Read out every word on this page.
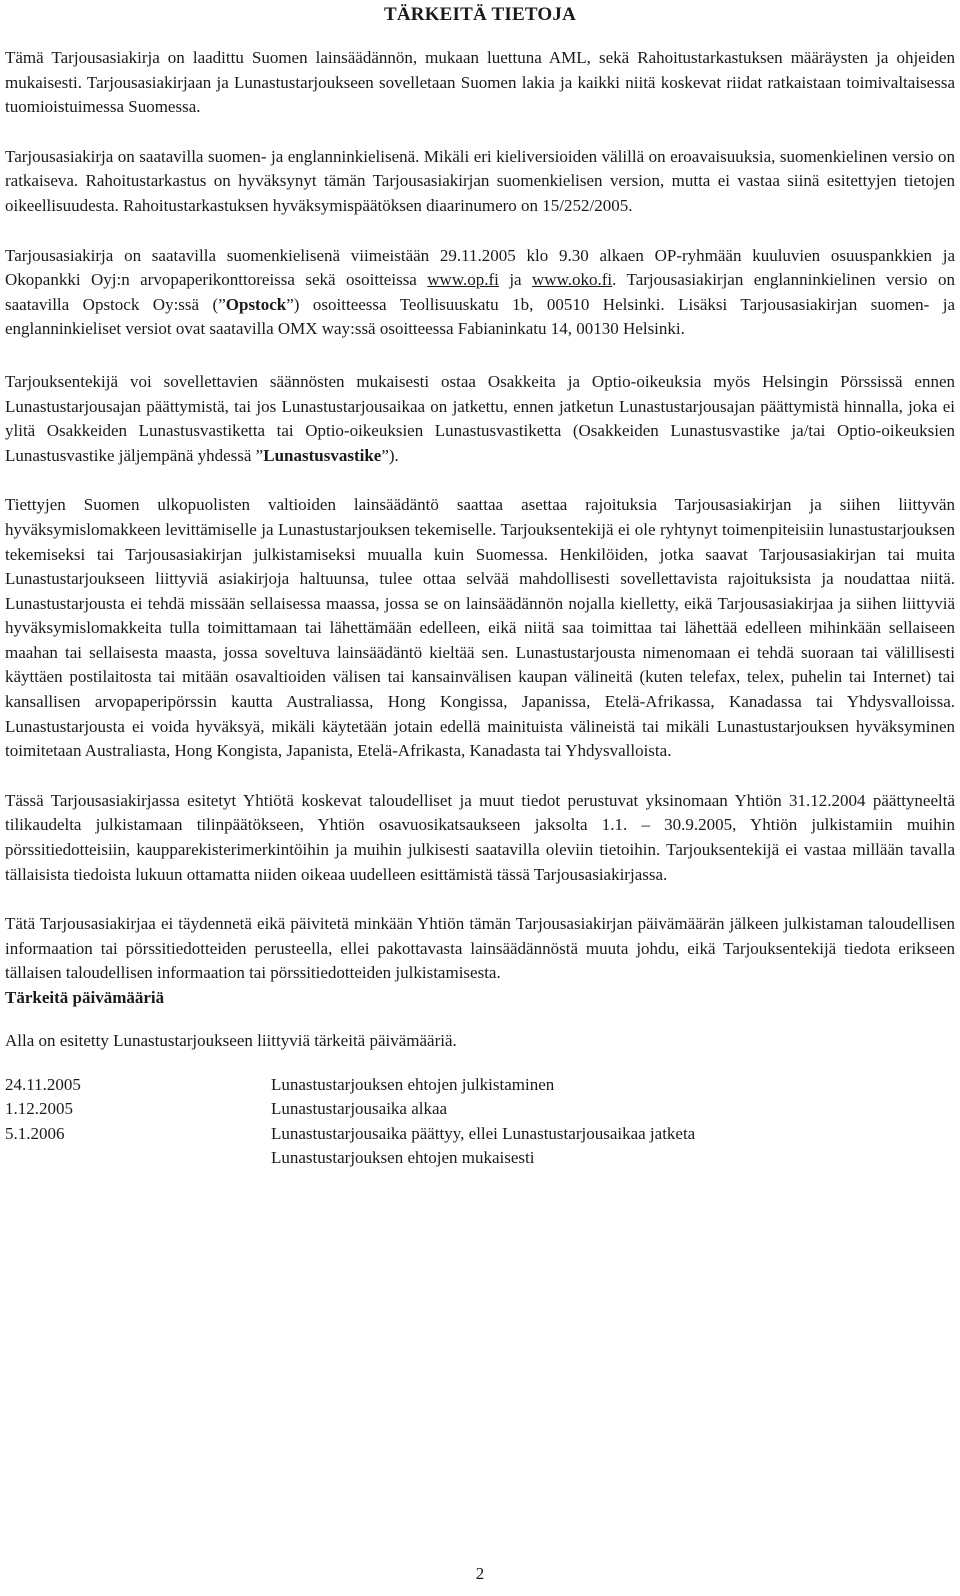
TÄRKEITÄ TIETOJA

Tämä Tarjousasiakirja on laadittu Suomen lainsäädännön, mukaan luettuna AML, sekä Rahoitustarkastuksen määräysten ja ohjeiden mukaisesti. Tarjousasiakirjaan ja Lunastustarjoukseen sovelletaan Suomen lakia ja kaikki niitä koskevat riidat ratkaistaan toimivaltaisessa tuomioistuimessa Suomessa.

Tarjousasiakirja on saatavilla suomen- ja englanninkielisenä. Mikäli eri kieliversioiden välillä on eroavaisuuksia, suomenkielinen versio on ratkaiseva. Rahoitustarkastus on hyväksynyt tämän Tarjousasiakirjan suomenkielisen version, mutta ei vastaa siinä esitettyjen tietojen oikeellisuudesta. Rahoitustarkastuksen hyväksymispäätöksen diaarinumero on 15/252/2005.

Tarjousasiakirja on saatavilla suomenkielisenä viimeistään 29.11.2005 klo 9.30 alkaen OP-ryhmään kuuluvien osuuspankkien ja Okopankki Oyj:n arvopaperikonttoreissa sekä osoitteissa www.op.fi ja www.oko.fi. Tarjousasiakirjan englanninkielinen versio on saatavilla Opstock Oy:ssä (”Opstock”) osoitteessa Teollisuuskatu 1b, 00510 Helsinki. Lisäksi Tarjousasiakirjan suomen- ja englanninkieliset versiot ovat saatavilla OMX way:ssä osoitteessa Fabianinkatu 14, 00130 Helsinki.

Tarjouksentekijä voi sovellettavien säännösten mukaisesti ostaa Osakkeita ja Optio-oikeuksia myös Helsingin Pörssissä ennen Lunastustarjousajan päättymistä, tai jos Lunastustarjousaikaa on jatkettu, ennen jatketun Lunastustarjousajan päättymistä hinnalla, joka ei ylitä Osakkeiden Lunastusvastiketta tai Optio-oikeuksien Lunastusvastiketta (Osakkeiden Lunastusvastike ja/tai Optio-oikeuksien Lunastusvastike jäljempänä yhdessä ”Lunastusvastike”).

Tiettyjen Suomen ulkopuolisten valtioiden lainsäädäntö saattaa asettaa rajoituksia Tarjousasiakirjan ja siihen liittyvän hyväksymislomakkeen levittämiselle ja Lunastustarjouksen tekemiselle. Tarjouksentekijä ei ole ryhtynyt toimenpiteisiin lunastustarjouksen tekemiseksi tai Tarjousasiakirjan julkistamiseksi muualla kuin Suomessa. Henkilöiden, jotka saavat Tarjousasiakirjan tai muita Lunastustarjoukseen liittyviä asiakirjoja haltuunsa, tulee ottaa selvää mahdollisesti sovellettavista rajoituksista ja noudattaa niitä. Lunastustarjousta ei tehdä missään sellaisessa maassa, jossa se on lainsäädännön nojalla kielletty, eikä Tarjousasiakirjaa ja siihen liittyviä hyväksymislomakkeita tulla toimittamaan tai lähettämään edelleen, eikä niitä saa toimittaa tai lähettää edelleen mihinkään sellaiseen maahan tai sellaisesta maasta, jossa soveltuva lainsäädäntö kieltää sen. Lunastustarjousta nimenomaan ei tehdä suoraan tai välillisesti käyttäen postilaitosta tai mitään osavaltioiden välisen tai kansainvälisen kaupan välineitä (kuten telefax, telex, puhelin tai Internet) tai kansallisen arvopaperipörssin kautta Australiassa, Hong Kongissa, Japanissa, Etelä-Afrikassa, Kanadassa tai Yhdysvalloissa. Lunastustarjousta ei voida hyväksyä, mikäli käytetään jotain edellä mainituista välineistä tai mikäli Lunastustarjouksen hyväksyminen toimitetaan Australiasta, Hong Kongista, Japanista, Etelä-Afrikasta, Kanadasta tai Yhdysvalloista.

Tässä Tarjousasiakirjassa esitetyt Yhtiötä koskevat taloudelliset ja muut tiedot perustuvat yksinomaan Yhtiön 31.12.2004 päättyneeltä tilikaudelta julkistamaan tilinpäätökseen, Yhtiön osavuosikatsaukseen jaksolta 1.1. – 30.9.2005, Yhtiön julkistamiin muihin pörssitiedotteisiin, kaupparekisterimerkintöihin ja muihin julkisesti saatavilla oleviin tietoihin. Tarjouksentekijä ei vastaa millään tavalla tällaisista tiedoista lukuun ottamatta niiden oikeaa uudelleen esittämistä tässä Tarjousasiakirjassa.

Tätä Tarjousasiakirjaa ei täydennetä eikä päivitetä minkään Yhtiön tämän Tarjousasiakirjan päivämäärän jälkeen julkistaman taloudellisen informaation tai pörssitiedotteiden perusteella, ellei pakottavasta lainsäädännöstä muuta johdu, eikä Tarjouksentekijä tiedota erikseen tällaisen taloudellisen informaation tai pörssitiedotteiden julkistamisesta.

Tärkeitä päivämääriä

Alla on esitetty Lunastustarjoukseen liittyviä tärkeitä päivämääriä.

24.11.2005	Lunastustarjouksen ehtojen julkistaminen
1.12.2005	Lunastustarjousaika alkaa
5.1.2006	Lunastustarjousaika päättyy, ellei Lunastustarjousaikaa jatketa
Lunastustarjouksen ehtojen mukaisesti
2
